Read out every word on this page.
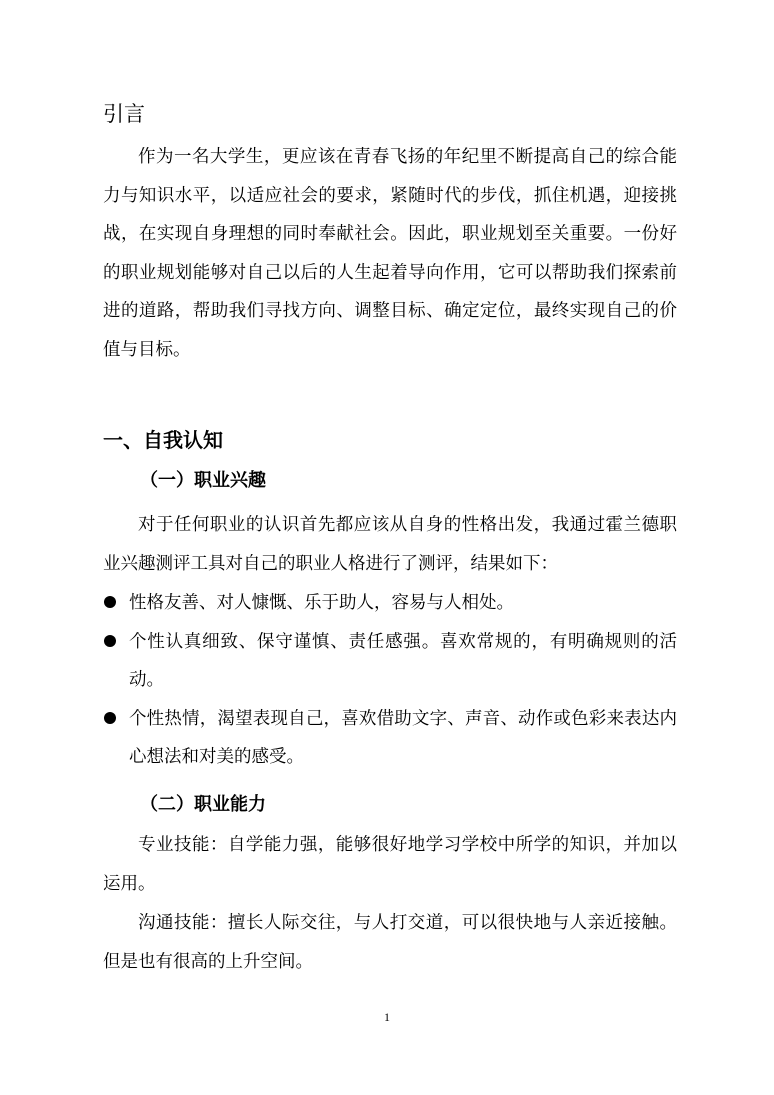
引言

作为一名大学生，更应该在青春飞扬的年纪里不断提高自己的综合能力与知识水平，以适应社会的要求，紧随时代的步伐，抓住机遇，迎接挑战，在实现自身理想的同时奉献社会。因此，职业规划至关重要。一份好的职业规划能够对自己以后的人生起着导向作用，它可以帮助我们探索前进的道路，帮助我们寻找方向、调整目标、确定定位，最终实现自己的价值与目标。

一、自我认知
（一）职业兴趣

对于任何职业的认识首先都应该从自身的性格出发，我通过霍兰德职业兴趣测评工具对自己的职业人格进行了测评，结果如下：

性格友善、对人慷慨、乐于助人，容易与人相处。
个性认真细致、保守谨慎、责任感强。喜欢常规的，有明确规则的活动。
个性热情，渴望表现自己，喜欢借助文字、声音、动作或色彩来表达内心想法和对美的感受。
（二）职业能力

专业技能：自学能力强，能够很好地学习学校中所学的知识，并加以运用。

沟通技能：擅长人际交往，与人打交道，可以很快地与人亲近接触。但是也有很高的上升空间。

1
